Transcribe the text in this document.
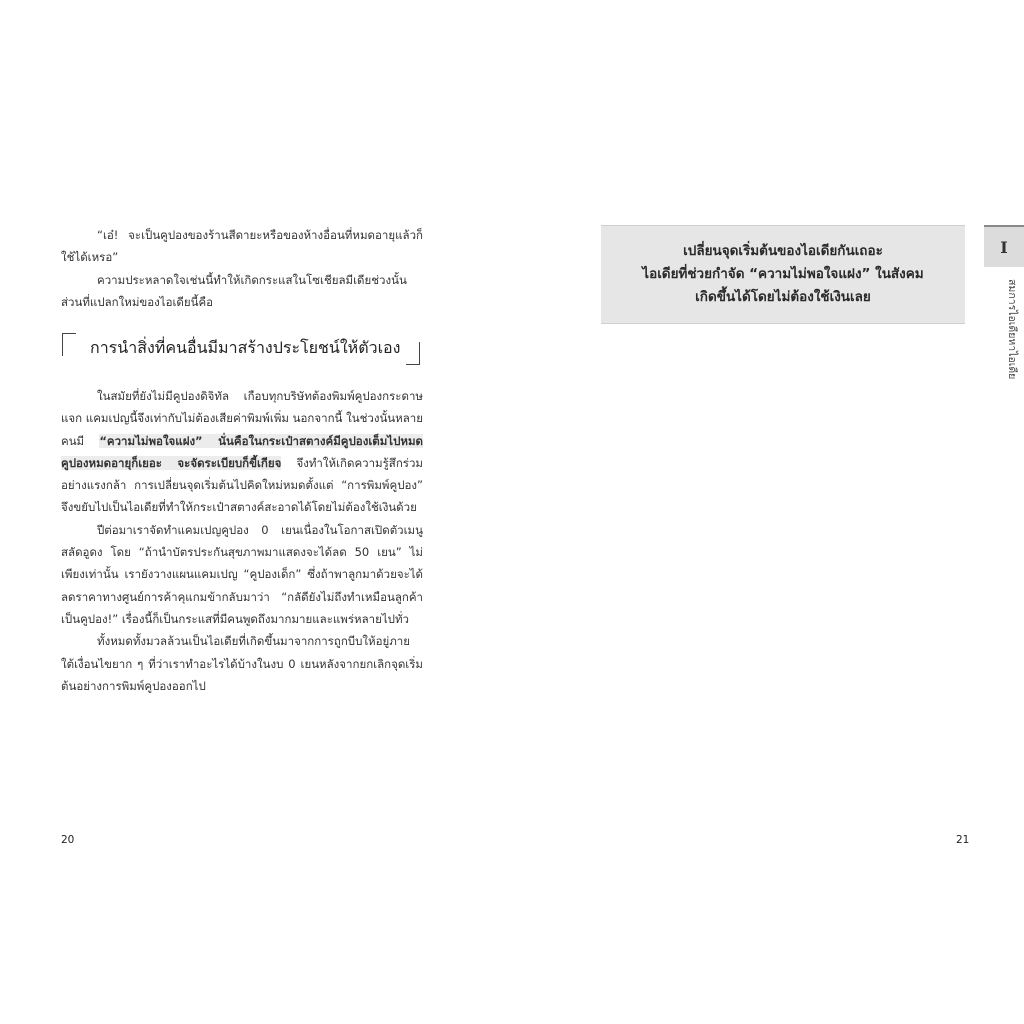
“เอ๋! จะเป็นคูปองของร้านสีดายะหรือของห้างอื่อนที่หมดอายุแล้วก็ใช้ได้เหรอ”

ความประหลาดใจเช่นนี้ทำให้เกิดกระแสในโซเชียลมีเดียช่วงนั้น ส่วนที่แปลกใหม่ของไอเดียนี้คือ

การนำสิ่งที่คนอื่นมีมาสร้างประโยชน์ให้ตัวเอง

ในสมัยที่ยังไม่มีคูปองดิจิทัล เกือบทุกบริษัทต้องพิมพ์คูปองกระดาษแจก แคมเปญนี้จึงเท่ากับไม่ต้องเสียค่าพิมพ์เพิ่ม นอกจากนี้ ในช่วงนั้นหลายคนมี “ความไม่พอใจแฝง” นั่นคือในกระเป๋าสตางค์มีคูปองเต็มไปหมด คูปองหมดอายุก็เยอะ จะจัดระเบียบก็ขี้เกียจ จึงทำให้เกิดความรู้สึกร่วมอย่างแรงกล้า การเปลี่ยนจุดเริ่มต้นไปคิดใหม่หมดตั้งแต่ “การพิมพ์คูปอง” จึงขยับไปเป็นไอเดียที่ทำให้กระเป๋าสตางค์สะอาดได้โดยไม่ต้องใช้เงินด้วย

ปีต่อมาเราจัดทำแคมเปญคูปอง 0 เยนเนื่องในโอกาสเปิดตัวเมนูสลัดอูดง โดย “ถ้านำบัตรประกันสุขภาพมาแสดงจะได้ลด 50 เยน” ไม่เพียงเท่านั้น เรายังวางแผนแคมเปญ “คูปองเด็ก” ซึ่งถ้าพาลูกมาด้วยจะได้ลดราคาทางศูนย์การค้าคุแกมข้ากลับมาว่า “กลัดียังไม่ถึงทำเหมือนลูกค้าเป็นคูปอง!” เรื่องนี้ก็เป็นกระแสที่มีคนพูดถึงมากมายและแพร่หลายไปทั่ว

ทั้งหมดทั้งมวลล้วนเป็นไอเดียที่เกิดขึ้นมาจากการถูกบีบให้อยู่ภายใต้เงื่อนไขยาก ๆ ที่ว่าเราทำอะไรได้บ้างในงบ 0 เยนหลังจากยกเลิกจุดเริ่มต้นอย่างการพิมพ์คูปองออกไป

20
เปลี่ยนจุดเริ่มต้นของไอเดียกันเถอะ
ไอเดียที่ช่วยกำจัด “ความไม่พอใจแฝง” ในสังคม
เกิดขึ้นได้โดยไม่ต้องใช้เงินเลย
I
สมการไอเดียหาไอเดีย
21
